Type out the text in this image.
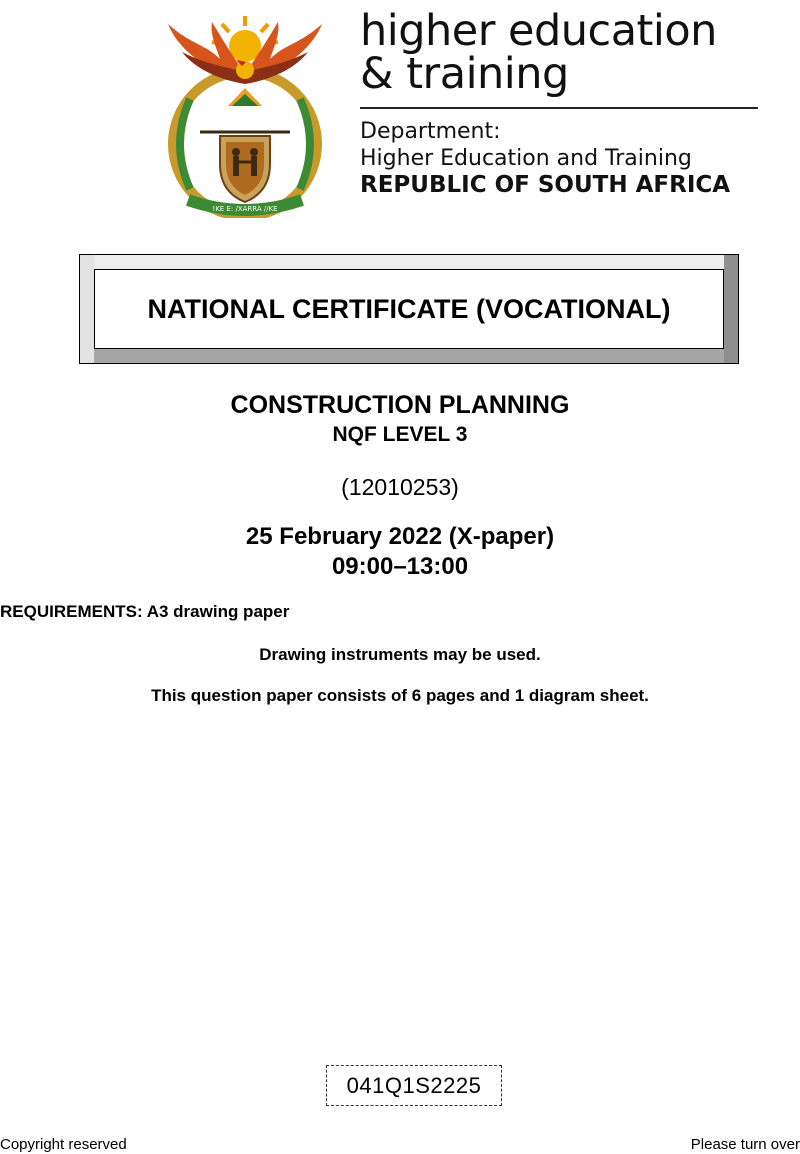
!KE E: /XARRA //KE
higher education
& training
Department:
Higher Education and Training
REPUBLIC OF SOUTH AFRICA
NATIONAL CERTIFICATE (VOCATIONAL)
CONSTRUCTION PLANNING
NQF LEVEL 3
(12010253)
25 February 2022 (X-paper)
09:00–13:00
REQUIREMENTS: A3 drawing paper
Drawing instruments may be used.
This question paper consists of 6 pages and 1 diagram sheet.
041Q1S2225
Copyright reserved	Please turn over
